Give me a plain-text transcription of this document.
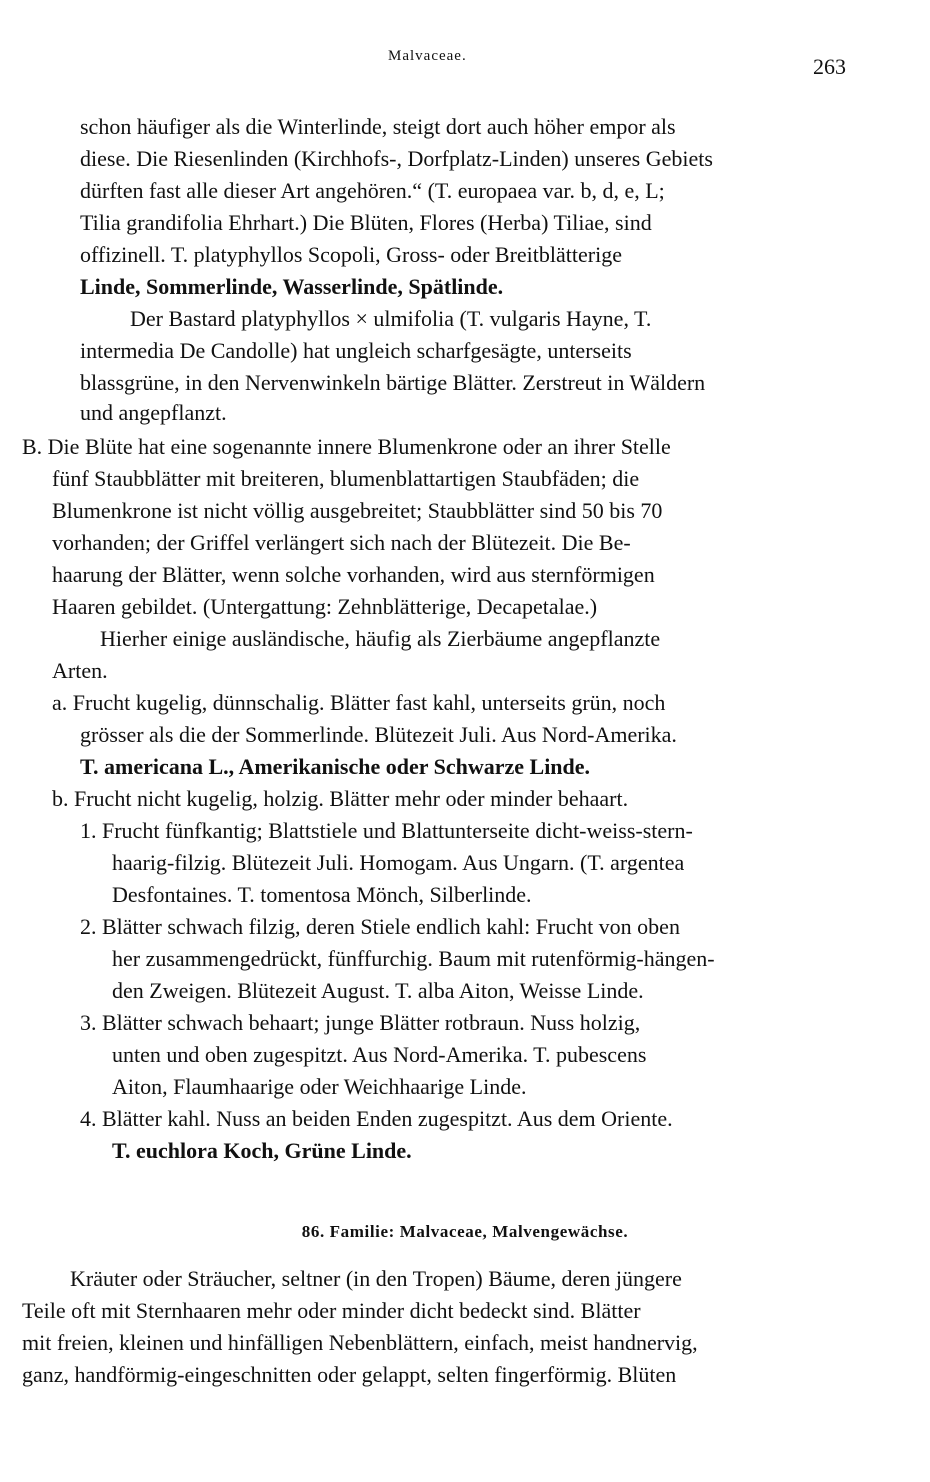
Malvaceae.	263
schon häufiger als die Winterlinde, steigt dort auch höher empor als
diese. Die Riesenlinden (Kirchhofs-, Dorfplatz-Linden) unseres Gebiets
dürften fast alle dieser Art angehören.“ (T. europaea var. b, d, e, L;
Tilia grandifolia Ehrhart.) Die Blüten, Flores (Herba) Tiliae, sind
offizinell. T. platyphyllos Scopoli, Gross- oder Breitblätterige
Linde, Sommerlinde, Wasserlinde, Spätlinde.
Der Bastard platyphyllos × ulmifolia (T. vulgaris Hayne, T.
intermedia De Candolle) hat ungleich scharfgesägte, unterseits
blassgrüne, in den Nervenwinkeln bärtige Blätter. Zerstreut in Wäldern
und angepflanzt.
B. Die Blüte hat eine sogenannte innere Blumenkrone oder an ihrer Stelle
fünf Staubblätter mit breiteren, blumenblattartigen Staubfäden; die
Blumenkrone ist nicht völlig ausgebreitet; Staubblätter sind 50 bis 70
vorhanden; der Griffel verlängert sich nach der Blütezeit. Die Be-
haarung der Blätter, wenn solche vorhanden, wird aus sternförmigen
Haaren gebildet. (Untergattung: Zehnblätterige, Decapetalae.)
Hierher einige ausländische, häufig als Zierbäume angepflanzte
Arten.
a. Frucht kugelig, dünnschalig. Blätter fast kahl, unterseits grün, noch
grösser als die der Sommerlinde. Blütezeit Juli. Aus Nord-Amerika.
T. americana L., Amerikanische oder Schwarze Linde.
b. Frucht nicht kugelig, holzig. Blätter mehr oder minder behaart.
1. Frucht fünfkantig; Blattstiele und Blattunterseite dicht-weiss-stern-
haarig-filzig. Blütezeit Juli. Homogam. Aus Ungarn. (T. argentea
Desfontaines. T. tomentosa Mönch, Silberlinde.
2. Blätter schwach filzig, deren Stiele endlich kahl: Frucht von oben
her zusammengedrückt, fünffurchig. Baum mit rutenförmig-hängen-
den Zweigen. Blütezeit August. T. alba Aiton, Weisse Linde.
3. Blätter schwach behaart; junge Blätter rotbraun. Nuss holzig,
unten und oben zugespitzt. Aus Nord-Amerika. T. pubescens
Aiton, Flaumhaarige oder Weichhaarige Linde.
4. Blätter kahl. Nuss an beiden Enden zugespitzt. Aus dem Oriente.
T. euchlora Koch, Grüne Linde.
86. Familie: Malvaceae, Malvengewächse.
Kräuter oder Sträucher, seltner (in den Tropen) Bäume, deren jüngere
Teile oft mit Sternhaaren mehr oder minder dicht bedeckt sind. Blätter
mit freien, kleinen und hinfälligen Nebenblättern, einfach, meist handnervig,
ganz, handförmig-eingeschnitten oder gelappt, selten fingerförmig. Blüten
